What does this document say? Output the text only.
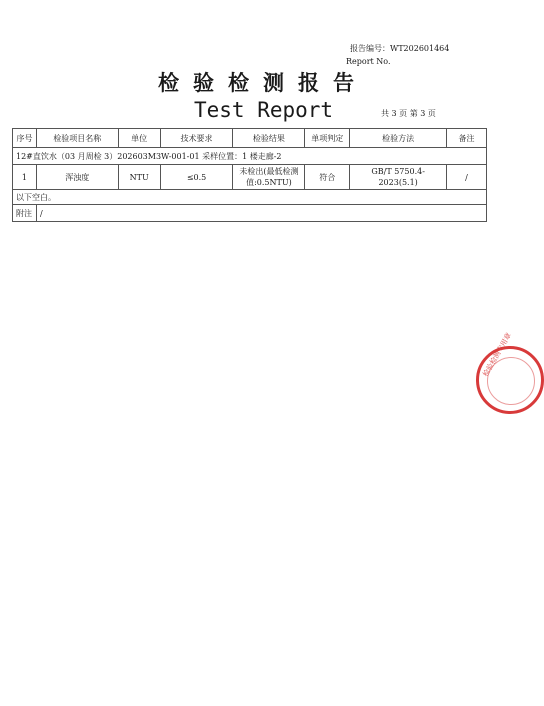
报告编号：WT202601464
Report No.
检验检测报告
Test Report	共 3 页 第 3 页
序号	检验项目名称	单位	技术要求	检验结果	单项判定	检验方法	备注
12#直饮水（03 月周检 3）202603M3W-001-01 采样位置：1 楼走廊-2							
1	浑浊度	NTU	≤0.5	未检出(最低检测值:0.5NTU)	符合	GB/T 5750.4-2023(5.1)	/
以下空白。							
附注	/						
检验检测专用章
